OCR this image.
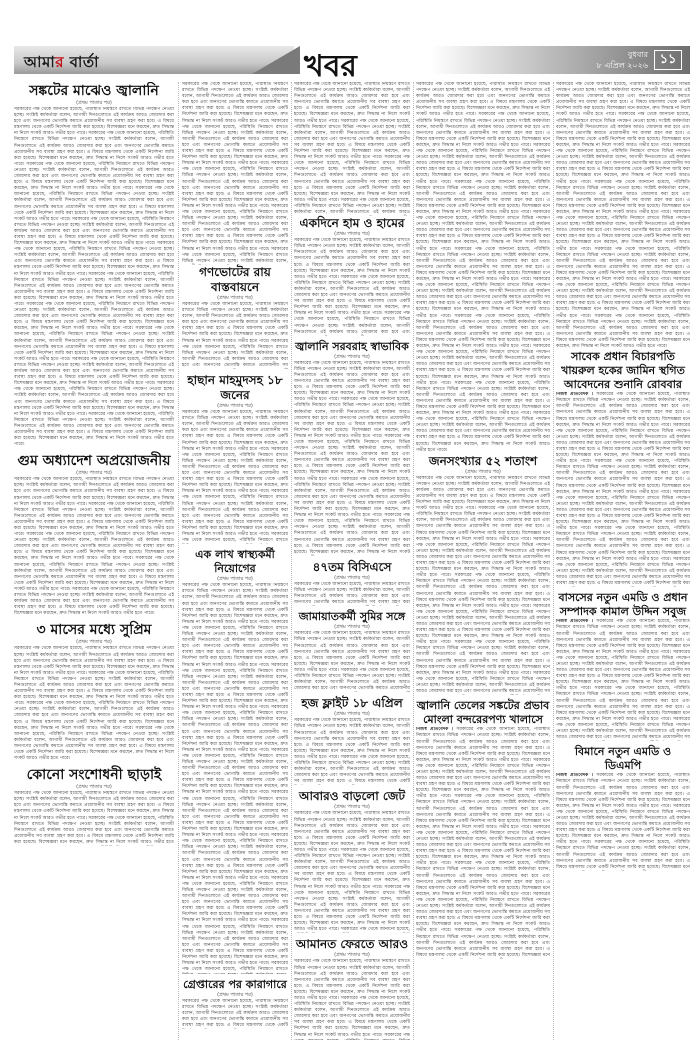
আমার বার্তা	খবর	বুধবার
৮ এপ্রিল ২০২৬ ১১
সঙ্কটের মাঝেও জ্বালানি
(প্রথম পাতার পর)
সরকারের পক্ষ থেকে জানানো হয়েছে, পরিস্থিতি নিয়ন্ত্রণে রাখতে বিভিন্ন পদক্ষেপ নেওয়া হচ্ছে। সংশ্লিষ্ট কর্মকর্তারা বলেন, আগামী দিনগুলোতে এই কার্যক্রম আরও জোরদার করা হবে এবং জনগণের ভোগান্তি কমাতে প্রয়োজনীয় সব ব্যবস্থা গ্রহণ করা হবে। এ বিষয়ে মন্ত্রণালয় থেকে একটি নির্দেশনা জারি করা হয়েছে। বিশেষজ্ঞরা মনে করছেন, দ্রুত সিদ্ধান্ত না নিলে সংকট আরও গভীর হতে পারে। সরকারের পক্ষ থেকে জানানো হয়েছে, পরিস্থিতি নিয়ন্ত্রণে রাখতে বিভিন্ন পদক্ষেপ নেওয়া হচ্ছে। সংশ্লিষ্ট কর্মকর্তারা বলেন, আগামী দিনগুলোতে এই কার্যক্রম আরও জোরদার করা হবে এবং জনগণের ভোগান্তি কমাতে প্রয়োজনীয় সব ব্যবস্থা গ্রহণ করা হবে। এ বিষয়ে মন্ত্রণালয় থেকে একটি নির্দেশনা জারি করা হয়েছে। বিশেষজ্ঞরা মনে করছেন, দ্রুত সিদ্ধান্ত না নিলে সংকট আরও গভীর হতে পারে। সরকারের পক্ষ থেকে জানানো হয়েছে, পরিস্থিতি নিয়ন্ত্রণে রাখতে বিভিন্ন পদক্ষেপ নেওয়া হচ্ছে। সংশ্লিষ্ট কর্মকর্তারা বলেন, আগামী দিনগুলোতে এই কার্যক্রম আরও জোরদার করা হবে এবং জনগণের ভোগান্তি কমাতে প্রয়োজনীয় সব ব্যবস্থা গ্রহণ করা হবে। এ বিষয়ে মন্ত্রণালয় থেকে একটি নির্দেশনা জারি করা হয়েছে। বিশেষজ্ঞরা মনে করছেন, দ্রুত সিদ্ধান্ত না নিলে সংকট আরও গভীর হতে পারে। সরকারের পক্ষ থেকে জানানো হয়েছে, পরিস্থিতি নিয়ন্ত্রণে রাখতে বিভিন্ন পদক্ষেপ নেওয়া হচ্ছে। সংশ্লিষ্ট কর্মকর্তারা বলেন, আগামী দিনগুলোতে এই কার্যক্রম আরও জোরদার করা হবে এবং জনগণের ভোগান্তি কমাতে প্রয়োজনীয় সব ব্যবস্থা গ্রহণ করা হবে। এ বিষয়ে মন্ত্রণালয় থেকে একটি নির্দেশনা জারি করা হয়েছে। বিশেষজ্ঞরা মনে করছেন, দ্রুত সিদ্ধান্ত না নিলে সংকট আরও গভীর হতে পারে। সরকারের পক্ষ থেকে জানানো হয়েছে, পরিস্থিতি নিয়ন্ত্রণে রাখতে বিভিন্ন পদক্ষেপ নেওয়া হচ্ছে। সংশ্লিষ্ট কর্মকর্তারা বলেন, আগামী দিনগুলোতে এই কার্যক্রম আরও জোরদার করা হবে এবং জনগণের ভোগান্তি কমাতে প্রয়োজনীয় সব ব্যবস্থা গ্রহণ করা হবে। এ বিষয়ে মন্ত্রণালয় থেকে একটি নির্দেশনা জারি করা হয়েছে। বিশেষজ্ঞরা মনে করছেন, দ্রুত সিদ্ধান্ত না নিলে সংকট আরও গভীর হতে পারে। সরকারের পক্ষ থেকে জানানো হয়েছে, পরিস্থিতি নিয়ন্ত্রণে রাখতে বিভিন্ন পদক্ষেপ নেওয়া হচ্ছে। সংশ্লিষ্ট কর্মকর্তারা বলেন, আগামী দিনগুলোতে এই কার্যক্রম আরও জোরদার করা হবে এবং জনগণের ভোগান্তি কমাতে প্রয়োজনীয় সব ব্যবস্থা গ্রহণ করা হবে। এ বিষয়ে মন্ত্রণালয় থেকে একটি নির্দেশনা জারি করা হয়েছে। বিশেষজ্ঞরা মনে করছেন, দ্রুত সিদ্ধান্ত না নিলে সংকট আরও গভীর হতে পারে। সরকারের পক্ষ থেকে জানানো হয়েছে, পরিস্থিতি নিয়ন্ত্রণে রাখতে বিভিন্ন পদক্ষেপ নেওয়া হচ্ছে। সংশ্লিষ্ট কর্মকর্তারা বলেন, আগামী দিনগুলোতে এই কার্যক্রম আরও জোরদার করা হবে এবং জনগণের ভোগান্তি কমাতে প্রয়োজনীয় সব ব্যবস্থা গ্রহণ করা হবে। এ বিষয়ে মন্ত্রণালয় থেকে একটি নির্দেশনা জারি করা হয়েছে। বিশেষজ্ঞরা মনে করছেন, দ্রুত সিদ্ধান্ত না নিলে সংকট আরও গভীর হতে পারে। সরকারের পক্ষ থেকে জানানো হয়েছে, পরিস্থিতি নিয়ন্ত্রণে রাখতে বিভিন্ন পদক্ষেপ নেওয়া হচ্ছে। সংশ্লিষ্ট কর্মকর্তারা বলেন, আগামী দিনগুলোতে এই কার্যক্রম আরও জোরদার করা হবে এবং জনগণের ভোগান্তি কমাতে প্রয়োজনীয় সব ব্যবস্থা গ্রহণ করা হবে। এ বিষয়ে মন্ত্রণালয় থেকে একটি নির্দেশনা জারি করা হয়েছে। বিশেষজ্ঞরা মনে করছেন, দ্রুত সিদ্ধান্ত না নিলে সংকট আরও গভীর হতে পারে। সরকারের পক্ষ থেকে জানানো হয়েছে, পরিস্থিতি নিয়ন্ত্রণে রাখতে বিভিন্ন পদক্ষেপ নেওয়া হচ্ছে। সংশ্লিষ্ট কর্মকর্তারা বলেন, আগামী দিনগুলোতে এই কার্যক্রম আরও জোরদার করা হবে এবং জনগণের ভোগান্তি কমাতে প্রয়োজনীয় সব ব্যবস্থা গ্রহণ করা হবে। এ বিষয়ে মন্ত্রণালয় থেকে একটি নির্দেশনা জারি করা হয়েছে। বিশেষজ্ঞরা মনে করছেন, দ্রুত সিদ্ধান্ত না নিলে সংকট আরও গভীর হতে পারে। সরকারের পক্ষ থেকে জানানো হয়েছে, পরিস্থিতি নিয়ন্ত্রণে রাখতে বিভিন্ন পদক্ষেপ নেওয়া হচ্ছে। সংশ্লিষ্ট কর্মকর্তারা বলেন, আগামী দিনগুলোতে এই কার্যক্রম আরও জোরদার করা হবে এবং জনগণের ভোগান্তি কমাতে প্রয়োজনীয় সব ব্যবস্থা গ্রহণ করা হবে। এ বিষয়ে মন্ত্রণালয় থেকে একটি নির্দেশনা জারি করা হয়েছে। বিশেষজ্ঞরা মনে করছেন, দ্রুত সিদ্ধান্ত না নিলে সংকট আরও গভীর হতে পারে। সরকারের পক্ষ থেকে জানানো হয়েছে, পরিস্থিতি নিয়ন্ত্রণে রাখতে বিভিন্ন পদক্ষেপ নেওয়া হচ্ছে। সংশ্লিষ্ট কর্মকর্তারা বলেন, আগামী দিনগুলোতে এই কার্যক্রম আরও জোরদার করা হবে এবং জনগণের ভোগান্তি কমাতে প্রয়োজনীয় সব ব্যবস্থা গ্রহণ করা হবে। এ বিষয়ে মন্ত্রণালয় থেকে একটি নির্দেশনা জারি করা হয়েছে। বিশেষজ্ঞরা মনে করছেন, দ্রুত সিদ্ধান্ত না নিলে সংকট আরও গভীর হতে পারে। সরকারের পক্ষ থেকে জানানো হয়েছে, পরিস্থিতি নিয়ন্ত্রণে রাখতে বিভিন্ন পদক্ষেপ নেওয়া হচ্ছে। সংশ্লিষ্ট কর্মকর্তারা বলেন, আগামী দিনগুলোতে এই কার্যক্রম আরও জোরদার করা হবে এবং জনগণের ভোগান্তি কমাতে প্রয়োজনীয় সব ব্যবস্থা গ্রহণ করা হবে। এ বিষয়ে মন্ত্রণালয় থেকে একটি নির্দেশনা জারি করা হয়েছে। বিশেষজ্ঞরা মনে করছেন, দ্রুত সিদ্ধান্ত না নিলে সংকট আরও গভীর হতে পারে।
গুম অধ্যাদেশ অপ্রয়োজনীয়
(প্রথম পাতার পর)
সরকারের পক্ষ থেকে জানানো হয়েছে, পরিস্থিতি নিয়ন্ত্রণে রাখতে বিভিন্ন পদক্ষেপ নেওয়া হচ্ছে। সংশ্লিষ্ট কর্মকর্তারা বলেন, আগামী দিনগুলোতে এই কার্যক্রম আরও জোরদার করা হবে এবং জনগণের ভোগান্তি কমাতে প্রয়োজনীয় সব ব্যবস্থা গ্রহণ করা হবে। এ বিষয়ে মন্ত্রণালয় থেকে একটি নির্দেশনা জারি করা হয়েছে। বিশেষজ্ঞরা মনে করছেন, দ্রুত সিদ্ধান্ত না নিলে সংকট আরও গভীর হতে পারে। সরকারের পক্ষ থেকে জানানো হয়েছে, পরিস্থিতি নিয়ন্ত্রণে রাখতে বিভিন্ন পদক্ষেপ নেওয়া হচ্ছে। সংশ্লিষ্ট কর্মকর্তারা বলেন, আগামী দিনগুলোতে এই কার্যক্রম আরও জোরদার করা হবে এবং জনগণের ভোগান্তি কমাতে প্রয়োজনীয় সব ব্যবস্থা গ্রহণ করা হবে। এ বিষয়ে মন্ত্রণালয় থেকে একটি নির্দেশনা জারি করা হয়েছে। বিশেষজ্ঞরা মনে করছেন, দ্রুত সিদ্ধান্ত না নিলে সংকট আরও গভীর হতে পারে। সরকারের পক্ষ থেকে জানানো হয়েছে, পরিস্থিতি নিয়ন্ত্রণে রাখতে বিভিন্ন পদক্ষেপ নেওয়া হচ্ছে। সংশ্লিষ্ট কর্মকর্তারা বলেন, আগামী দিনগুলোতে এই কার্যক্রম আরও জোরদার করা হবে এবং জনগণের ভোগান্তি কমাতে প্রয়োজনীয় সব ব্যবস্থা গ্রহণ করা হবে। এ বিষয়ে মন্ত্রণালয় থেকে একটি নির্দেশনা জারি করা হয়েছে। বিশেষজ্ঞরা মনে করছেন, দ্রুত সিদ্ধান্ত না নিলে সংকট আরও গভীর হতে পারে। সরকারের পক্ষ থেকে জানানো হয়েছে, পরিস্থিতি নিয়ন্ত্রণে রাখতে বিভিন্ন পদক্ষেপ নেওয়া হচ্ছে। সংশ্লিষ্ট কর্মকর্তারা বলেন, আগামী দিনগুলোতে এই কার্যক্রম আরও জোরদার করা হবে এবং জনগণের ভোগান্তি কমাতে প্রয়োজনীয় সব ব্যবস্থা গ্রহণ করা হবে। এ বিষয়ে মন্ত্রণালয় থেকে একটি নির্দেশনা জারি করা হয়েছে। বিশেষজ্ঞরা মনে করছেন, দ্রুত সিদ্ধান্ত না নিলে সংকট আরও গভীর হতে পারে। সরকারের পক্ষ থেকে জানানো হয়েছে, পরিস্থিতি নিয়ন্ত্রণে রাখতে বিভিন্ন পদক্ষেপ নেওয়া হচ্ছে। সংশ্লিষ্ট কর্মকর্তারা বলেন, আগামী দিনগুলোতে এই কার্যক্রম আরও জোরদার করা হবে এবং জনগণের ভোগান্তি কমাতে প্রয়োজনীয় সব ব্যবস্থা গ্রহণ করা হবে। এ বিষয়ে মন্ত্রণালয় থেকে একটি নির্দেশনা জারি করা হয়েছে। বিশেষজ্ঞরা মনে করছেন, দ্রুত সিদ্ধান্ত না নিলে সংকট আরও গভীর হতে পারে।
৩ মাসের মধ্যে সুপ্রিম
(প্রথম পাতার পর)
সরকারের পক্ষ থেকে জানানো হয়েছে, পরিস্থিতি নিয়ন্ত্রণে রাখতে বিভিন্ন পদক্ষেপ নেওয়া হচ্ছে। সংশ্লিষ্ট কর্মকর্তারা বলেন, আগামী দিনগুলোতে এই কার্যক্রম আরও জোরদার করা হবে এবং জনগণের ভোগান্তি কমাতে প্রয়োজনীয় সব ব্যবস্থা গ্রহণ করা হবে। এ বিষয়ে মন্ত্রণালয় থেকে একটি নির্দেশনা জারি করা হয়েছে। বিশেষজ্ঞরা মনে করছেন, দ্রুত সিদ্ধান্ত না নিলে সংকট আরও গভীর হতে পারে। সরকারের পক্ষ থেকে জানানো হয়েছে, পরিস্থিতি নিয়ন্ত্রণে রাখতে বিভিন্ন পদক্ষেপ নেওয়া হচ্ছে। সংশ্লিষ্ট কর্মকর্তারা বলেন, আগামী দিনগুলোতে এই কার্যক্রম আরও জোরদার করা হবে এবং জনগণের ভোগান্তি কমাতে প্রয়োজনীয় সব ব্যবস্থা গ্রহণ করা হবে। এ বিষয়ে মন্ত্রণালয় থেকে একটি নির্দেশনা জারি করা হয়েছে। বিশেষজ্ঞরা মনে করছেন, দ্রুত সিদ্ধান্ত না নিলে সংকট আরও গভীর হতে পারে। সরকারের পক্ষ থেকে জানানো হয়েছে, পরিস্থিতি নিয়ন্ত্রণে রাখতে বিভিন্ন পদক্ষেপ নেওয়া হচ্ছে। সংশ্লিষ্ট কর্মকর্তারা বলেন, আগামী দিনগুলোতে এই কার্যক্রম আরও জোরদার করা হবে এবং জনগণের ভোগান্তি কমাতে প্রয়োজনীয় সব ব্যবস্থা গ্রহণ করা হবে। এ বিষয়ে মন্ত্রণালয় থেকে একটি নির্দেশনা জারি করা হয়েছে। বিশেষজ্ঞরা মনে করছেন, দ্রুত সিদ্ধান্ত না নিলে সংকট আরও গভীর হতে পারে। সরকারের পক্ষ থেকে জানানো হয়েছে, পরিস্থিতি নিয়ন্ত্রণে রাখতে বিভিন্ন পদক্ষেপ নেওয়া হচ্ছে। সংশ্লিষ্ট কর্মকর্তারা বলেন, আগামী দিনগুলোতে এই কার্যক্রম আরও জোরদার করা হবে এবং জনগণের ভোগান্তি কমাতে প্রয়োজনীয় সব ব্যবস্থা গ্রহণ করা হবে। এ বিষয়ে মন্ত্রণালয় থেকে একটি নির্দেশনা জারি করা হয়েছে। বিশেষজ্ঞরা মনে করছেন, দ্রুত সিদ্ধান্ত না নিলে সংকট আরও গভীর হতে পারে।
কোনো সংশোধনী ছাড়াই
(প্রথম পাতার পর)
সরকারের পক্ষ থেকে জানানো হয়েছে, পরিস্থিতি নিয়ন্ত্রণে রাখতে বিভিন্ন পদক্ষেপ নেওয়া হচ্ছে। সংশ্লিষ্ট কর্মকর্তারা বলেন, আগামী দিনগুলোতে এই কার্যক্রম আরও জোরদার করা হবে এবং জনগণের ভোগান্তি কমাতে প্রয়োজনীয় সব ব্যবস্থা গ্রহণ করা হবে। এ বিষয়ে মন্ত্রণালয় থেকে একটি নির্দেশনা জারি করা হয়েছে। বিশেষজ্ঞরা মনে করছেন, দ্রুত সিদ্ধান্ত না নিলে সংকট আরও গভীর হতে পারে। সরকারের পক্ষ থেকে জানানো হয়েছে, পরিস্থিতি নিয়ন্ত্রণে রাখতে বিভিন্ন পদক্ষেপ নেওয়া হচ্ছে। সংশ্লিষ্ট কর্মকর্তারা বলেন, আগামী দিনগুলোতে এই কার্যক্রম আরও জোরদার করা হবে এবং জনগণের ভোগান্তি কমাতে প্রয়োজনীয় সব ব্যবস্থা গ্রহণ করা হবে। এ বিষয়ে মন্ত্রণালয় থেকে একটি নির্দেশনা জারি করা হয়েছে। বিশেষজ্ঞরা মনে করছেন, দ্রুত সিদ্ধান্ত না নিলে সংকট আরও গভীর হতে
সরকারের পক্ষ থেকে জানানো হয়েছে, পরিস্থিতি নিয়ন্ত্রণে রাখতে বিভিন্ন পদক্ষেপ নেওয়া হচ্ছে। সংশ্লিষ্ট কর্মকর্তারা বলেন, আগামী দিনগুলোতে এই কার্যক্রম আরও জোরদার করা হবে এবং জনগণের ভোগান্তি কমাতে প্রয়োজনীয় সব ব্যবস্থা গ্রহণ করা হবে। এ বিষয়ে মন্ত্রণালয় থেকে একটি নির্দেশনা জারি করা হয়েছে। বিশেষজ্ঞরা মনে করছেন, দ্রুত সিদ্ধান্ত না নিলে সংকট আরও গভীর হতে পারে। সরকারের পক্ষ থেকে জানানো হয়েছে, পরিস্থিতি নিয়ন্ত্রণে রাখতে বিভিন্ন পদক্ষেপ নেওয়া হচ্ছে। সংশ্লিষ্ট কর্মকর্তারা বলেন, আগামী দিনগুলোতে এই কার্যক্রম আরও জোরদার করা হবে এবং জনগণের ভোগান্তি কমাতে প্রয়োজনীয় সব ব্যবস্থা গ্রহণ করা হবে। এ বিষয়ে মন্ত্রণালয় থেকে একটি নির্দেশনা জারি করা হয়েছে। বিশেষজ্ঞরা মনে করছেন, দ্রুত সিদ্ধান্ত না নিলে সংকট আরও গভীর হতে পারে। সরকারের পক্ষ থেকে জানানো হয়েছে, পরিস্থিতি নিয়ন্ত্রণে রাখতে বিভিন্ন পদক্ষেপ নেওয়া হচ্ছে। সংশ্লিষ্ট কর্মকর্তারা বলেন, আগামী দিনগুলোতে এই কার্যক্রম আরও জোরদার করা হবে এবং জনগণের ভোগান্তি কমাতে প্রয়োজনীয় সব ব্যবস্থা গ্রহণ করা হবে। এ বিষয়ে মন্ত্রণালয় থেকে একটি নির্দেশনা জারি করা হয়েছে। বিশেষজ্ঞরা মনে করছেন, দ্রুত সিদ্ধান্ত না নিলে সংকট আরও গভীর হতে পারে। সরকারের পক্ষ থেকে জানানো হয়েছে, পরিস্থিতি নিয়ন্ত্রণে রাখতে বিভিন্ন পদক্ষেপ নেওয়া হচ্ছে। সংশ্লিষ্ট কর্মকর্তারা বলেন, আগামী দিনগুলোতে এই কার্যক্রম আরও জোরদার করা হবে এবং জনগণের ভোগান্তি কমাতে প্রয়োজনীয় সব ব্যবস্থা গ্রহণ করা হবে। এ বিষয়ে মন্ত্রণালয় থেকে একটি নির্দেশনা জারি করা হয়েছে। বিশেষজ্ঞরা মনে করছেন, দ্রুত সিদ্ধান্ত না নিলে সংকট আরও গভীর হতে পারে। সরকারের পক্ষ থেকে জানানো হয়েছে, পরিস্থিতি নিয়ন্ত্রণে রাখতে বিভিন্ন পদক্ষেপ নেওয়া হচ্ছে। সংশ্লিষ্ট কর্মকর্তারা বলেন,
গণভোটের রায় বাস্তবায়নে
(প্রথম পাতার পর)
সরকারের পক্ষ থেকে জানানো হয়েছে, পরিস্থিতি নিয়ন্ত্রণে রাখতে বিভিন্ন পদক্ষেপ নেওয়া হচ্ছে। সংশ্লিষ্ট কর্মকর্তারা বলেন, আগামী দিনগুলোতে এই কার্যক্রম আরও জোরদার করা হবে এবং জনগণের ভোগান্তি কমাতে প্রয়োজনীয় সব ব্যবস্থা গ্রহণ করা হবে। এ বিষয়ে মন্ত্রণালয় থেকে একটি নির্দেশনা জারি করা হয়েছে। বিশেষজ্ঞরা মনে করছেন, দ্রুত সিদ্ধান্ত না নিলে সংকট আরও গভীর হতে পারে। সরকারের পক্ষ থেকে জানানো হয়েছে, পরিস্থিতি নিয়ন্ত্রণে রাখতে বিভিন্ন পদক্ষেপ নেওয়া হচ্ছে। সংশ্লিষ্ট কর্মকর্তারা বলেন, আগামী দিনগুলোতে এই কার্যক্রম আরও জোরদার করা হবে এবং জনগণের ভোগান্তি কমাতে প্রয়োজনীয় সব
হাছান মাহমুদসহ ১৮ জনের
(প্রথম পাতার পর)
সরকারের পক্ষ থেকে জানানো হয়েছে, পরিস্থিতি নিয়ন্ত্রণে রাখতে বিভিন্ন পদক্ষেপ নেওয়া হচ্ছে। সংশ্লিষ্ট কর্মকর্তারা বলেন, আগামী দিনগুলোতে এই কার্যক্রম আরও জোরদার করা হবে এবং জনগণের ভোগান্তি কমাতে প্রয়োজনীয় সব ব্যবস্থা গ্রহণ করা হবে। এ বিষয়ে মন্ত্রণালয় থেকে একটি নির্দেশনা জারি করা হয়েছে। বিশেষজ্ঞরা মনে করছেন, দ্রুত সিদ্ধান্ত না নিলে সংকট আরও গভীর হতে পারে। সরকারের পক্ষ থেকে জানানো হয়েছে, পরিস্থিতি নিয়ন্ত্রণে রাখতে বিভিন্ন পদক্ষেপ নেওয়া হচ্ছে। সংশ্লিষ্ট কর্মকর্তারা বলেন, আগামী দিনগুলোতে এই কার্যক্রম আরও জোরদার করা হবে এবং জনগণের ভোগান্তি কমাতে প্রয়োজনীয় সব ব্যবস্থা গ্রহণ করা হবে। এ বিষয়ে মন্ত্রণালয় থেকে একটি নির্দেশনা জারি করা হয়েছে। বিশেষজ্ঞরা মনে করছেন, দ্রুত সিদ্ধান্ত না নিলে সংকট আরও গভীর হতে পারে। সরকারের পক্ষ থেকে জানানো হয়েছে, পরিস্থিতি নিয়ন্ত্রণে রাখতে বিভিন্ন পদক্ষেপ নেওয়া হচ্ছে। সংশ্লিষ্ট কর্মকর্তারা বলেন, আগামী দিনগুলোতে এই কার্যক্রম আরও জোরদার করা হবে এবং জনগণের ভোগান্তি কমাতে প্রয়োজনীয় সব ব্যবস্থা গ্রহণ করা হবে। এ বিষয়ে মন্ত্রণালয় থেকে একটি নির্দেশনা জারি করা হয়েছে। বিশেষজ্ঞরা মনে করছেন, দ্রুত সিদ্ধান্ত না নিলে সংকট আরও গভীর হতে পারে। সরকারের পক্ষ থেকে জানানো হয়েছে, পরিস্থিতি নিয়ন্ত্রণে রাখতে
এক লাখ স্বাস্থ্যকর্মী নিয়োগের
(প্রথম পাতার পর)
সরকারের পক্ষ থেকে জানানো হয়েছে, পরিস্থিতি নিয়ন্ত্রণে রাখতে বিভিন্ন পদক্ষেপ নেওয়া হচ্ছে। সংশ্লিষ্ট কর্মকর্তারা বলেন, আগামী দিনগুলোতে এই কার্যক্রম আরও জোরদার করা হবে এবং জনগণের ভোগান্তি কমাতে প্রয়োজনীয় সব ব্যবস্থা গ্রহণ করা হবে। এ বিষয়ে মন্ত্রণালয় থেকে একটি নির্দেশনা জারি করা হয়েছে। বিশেষজ্ঞরা মনে করছেন, দ্রুত সিদ্ধান্ত না নিলে সংকট আরও গভীর হতে পারে। সরকারের পক্ষ থেকে জানানো হয়েছে, পরিস্থিতি নিয়ন্ত্রণে রাখতে বিভিন্ন পদক্ষেপ নেওয়া হচ্ছে। সংশ্লিষ্ট কর্মকর্তারা বলেন, আগামী দিনগুলোতে এই কার্যক্রম আরও জোরদার করা হবে এবং জনগণের ভোগান্তি কমাতে প্রয়োজনীয় সব ব্যবস্থা গ্রহণ করা হবে। এ বিষয়ে মন্ত্রণালয় থেকে একটি নির্দেশনা জারি করা হয়েছে। বিশেষজ্ঞরা মনে করছেন, দ্রুত সিদ্ধান্ত না নিলে সংকট আরও গভীর হতে পারে। সরকারের পক্ষ থেকে জানানো হয়েছে, পরিস্থিতি নিয়ন্ত্রণে রাখতে বিভিন্ন পদক্ষেপ নেওয়া হচ্ছে। সংশ্লিষ্ট কর্মকর্তারা বলেন, আগামী দিনগুলোতে এই কার্যক্রম আরও জোরদার করা হবে এবং জনগণের ভোগান্তি কমাতে প্রয়োজনীয় সব ব্যবস্থা গ্রহণ করা হবে। এ বিষয়ে মন্ত্রণালয় থেকে একটি নির্দেশনা জারি করা হয়েছে। বিশেষজ্ঞরা মনে করছেন, দ্রুত সিদ্ধান্ত না নিলে সংকট আরও গভীর হতে পারে। সরকারের পক্ষ থেকে জানানো হয়েছে, পরিস্থিতি নিয়ন্ত্রণে রাখতে বিভিন্ন পদক্ষেপ নেওয়া হচ্ছে। সংশ্লিষ্ট কর্মকর্তারা বলেন, আগামী দিনগুলোতে এই কার্যক্রম আরও জোরদার করা হবে এবং জনগণের ভোগান্তি কমাতে প্রয়োজনীয় সব ব্যবস্থা গ্রহণ করা হবে। এ বিষয়ে মন্ত্রণালয় থেকে একটি নির্দেশনা জারি করা হয়েছে। বিশেষজ্ঞরা মনে করছেন, দ্রুত সিদ্ধান্ত না নিলে সংকট আরও গভীর হতে পারে। সরকারের পক্ষ থেকে জানানো হয়েছে, পরিস্থিতি নিয়ন্ত্রণে রাখতে বিভিন্ন পদক্ষেপ নেওয়া হচ্ছে। সংশ্লিষ্ট কর্মকর্তারা বলেন, আগামী দিনগুলোতে এই কার্যক্রম আরও জোরদার করা হবে এবং জনগণের ভোগান্তি কমাতে প্রয়োজনীয় সব ব্যবস্থা গ্রহণ করা হবে। এ বিষয়ে মন্ত্রণালয় থেকে একটি নির্দেশনা জারি করা হয়েছে। বিশেষজ্ঞরা মনে করছেন, দ্রুত সিদ্ধান্ত না নিলে সংকট আরও গভীর হতে পারে। সরকারের পক্ষ থেকে জানানো হয়েছে, পরিস্থিতি নিয়ন্ত্রণে রাখতে বিভিন্ন পদক্ষেপ নেওয়া হচ্ছে। সংশ্লিষ্ট কর্মকর্তারা বলেন, আগামী দিনগুলোতে এই কার্যক্রম আরও জোরদার করা হবে এবং জনগণের ভোগান্তি কমাতে প্রয়োজনীয় সব ব্যবস্থা গ্রহণ করা হবে। এ বিষয়ে মন্ত্রণালয় থেকে একটি নির্দেশনা জারি করা হয়েছে। বিশেষজ্ঞরা মনে করছেন, দ্রুত সিদ্ধান্ত না নিলে সংকট আরও গভীর হতে পারে। সরকারের পক্ষ থেকে জানানো হয়েছে, পরিস্থিতি নিয়ন্ত্রণে রাখতে বিভিন্ন পদক্ষেপ নেওয়া হচ্ছে। সংশ্লিষ্ট কর্মকর্তারা বলেন, আগামী দিনগুলোতে এই কার্যক্রম আরও জোরদার করা হবে এবং জনগণের ভোগান্তি কমাতে প্রয়োজনীয় সব ব্যবস্থা গ্রহণ করা হবে। এ বিষয়ে মন্ত্রণালয় থেকে একটি নির্দেশনা জারি করা হয়েছে। বিশেষজ্ঞরা মনে করছেন, দ্রুত সিদ্ধান্ত না নিলে সংকট আরও গভীর হতে পারে। সরকারের পক্ষ থেকে জানানো হয়েছে, পরিস্থিতি নিয়ন্ত্রণে রাখতে বিভিন্ন পদক্ষেপ নেওয়া হচ্ছে। সংশ্লিষ্ট কর্মকর্তারা বলেন, আগামী দিনগুলোতে এই কার্যক্রম আরও জোরদার করা হবে এবং জনগণের ভোগান্তি কমাতে প্রয়োজনীয় সব ব্যবস্থা গ্রহণ করা হবে। এ বিষয়ে মন্ত্রণালয় থেকে একটি নির্দেশনা জারি করা হয়েছে। বিশেষজ্ঞরা মনে করছেন, দ্রুত সিদ্ধান্ত না নিলে সংকট আরও গভীর হতে পারে। সরকারের পক্ষ থেকে জানানো হয়েছে, পরিস্থিতি নিয়ন্ত্রণে রাখতে বিভিন্ন পদক্ষেপ নেওয়া হচ্ছে। সংশ্লিষ্ট কর্মকর্তারা বলেন, আগামী দিনগুলোতে এই কার্যক্রম আরও জোরদার করা হবে এবং জনগণের ভোগান্তি কমাতে প্রয়োজনীয় সব ব্যবস্থা গ্রহণ করা হবে। এ বিষয়ে মন্ত্রণালয় থেকে একটি নির্দেশনা জারি করা হয়েছে। বিশেষজ্ঞরা মনে করছেন, দ্রুত সিদ্ধান্ত না নিলে সংকট আরও গভীর হতে পারে। সরকারের পক্ষ থেকে জানানো হয়েছে, পরিস্থিতি নিয়ন্ত্রণে রাখতে
গ্রেপ্তারের পর কারাগারে
(প্রথম পাতার পর)
সরকারের পক্ষ থেকে জানানো হয়েছে, পরিস্থিতি নিয়ন্ত্রণে রাখতে বিভিন্ন পদক্ষেপ নেওয়া হচ্ছে। সংশ্লিষ্ট কর্মকর্তারা বলেন, আগামী দিনগুলোতে এই কার্যক্রম আরও জোরদার করা হবে এবং জনগণের ভোগান্তি কমাতে প্রয়োজনীয় সব ব্যবস্থা গ্রহণ করা হবে। এ বিষয়ে মন্ত্রণালয় থেকে একটি
সরকারের পক্ষ থেকে জানানো হয়েছে, পরিস্থিতি নিয়ন্ত্রণে রাখতে বিভিন্ন পদক্ষেপ নেওয়া হচ্ছে। সংশ্লিষ্ট কর্মকর্তারা বলেন, আগামী দিনগুলোতে এই কার্যক্রম আরও জোরদার করা হবে এবং জনগণের ভোগান্তি কমাতে প্রয়োজনীয় সব ব্যবস্থা গ্রহণ করা হবে। এ বিষয়ে মন্ত্রণালয় থেকে একটি নির্দেশনা জারি করা হয়েছে। বিশেষজ্ঞরা মনে করছেন, দ্রুত সিদ্ধান্ত না নিলে সংকট আরও গভীর হতে পারে। সরকারের পক্ষ থেকে জানানো হয়েছে, পরিস্থিতি নিয়ন্ত্রণে রাখতে বিভিন্ন পদক্ষেপ নেওয়া হচ্ছে। সংশ্লিষ্ট কর্মকর্তারা বলেন, আগামী দিনগুলোতে এই কার্যক্রম আরও জোরদার করা হবে এবং জনগণের ভোগান্তি কমাতে প্রয়োজনীয় সব ব্যবস্থা গ্রহণ করা হবে। এ বিষয়ে মন্ত্রণালয় থেকে একটি নির্দেশনা জারি করা হয়েছে। বিশেষজ্ঞরা মনে করছেন, দ্রুত সিদ্ধান্ত না নিলে সংকট আরও গভীর হতে পারে। সরকারের পক্ষ থেকে জানানো হয়েছে, পরিস্থিতি নিয়ন্ত্রণে রাখতে বিভিন্ন পদক্ষেপ নেওয়া হচ্ছে। সংশ্লিষ্ট কর্মকর্তারা বলেন, আগামী দিনগুলোতে এই কার্যক্রম আরও জোরদার করা হবে এবং জনগণের ভোগান্তি কমাতে প্রয়োজনীয় সব ব্যবস্থা গ্রহণ করা হবে। এ বিষয়ে মন্ত্রণালয় থেকে একটি নির্দেশনা জারি করা হয়েছে। বিশেষজ্ঞরা মনে করছেন, দ্রুত সিদ্ধান্ত না নিলে সংকট আরও গভীর হতে পারে। সরকারের পক্ষ থেকে জানানো হয়েছে, পরিস্থিতি নিয়ন্ত্রণে রাখতে বিভিন্ন পদক্ষেপ নেওয়া হচ্ছে। সংশ্লিষ্ট কর্মকর্তারা বলেন, আগামী দিনগুলোতে এই কার্যক্রম আরও
একদিনে হাম ও হামের
(প্রথম পাতার পর)
সরকারের পক্ষ থেকে জানানো হয়েছে, পরিস্থিতি নিয়ন্ত্রণে রাখতে বিভিন্ন পদক্ষেপ নেওয়া হচ্ছে। সংশ্লিষ্ট কর্মকর্তারা বলেন, আগামী দিনগুলোতে এই কার্যক্রম আরও জোরদার করা হবে এবং জনগণের ভোগান্তি কমাতে প্রয়োজনীয় সব ব্যবস্থা গ্রহণ করা হবে। এ বিষয়ে মন্ত্রণালয় থেকে একটি নির্দেশনা জারি করা হয়েছে। বিশেষজ্ঞরা মনে করছেন, দ্রুত সিদ্ধান্ত না নিলে সংকট আরও গভীর হতে পারে। সরকারের পক্ষ থেকে জানানো হয়েছে, পরিস্থিতি নিয়ন্ত্রণে রাখতে বিভিন্ন পদক্ষেপ নেওয়া হচ্ছে। সংশ্লিষ্ট কর্মকর্তারা বলেন, আগামী দিনগুলোতে এই কার্যক্রম আরও জোরদার করা হবে এবং জনগণের ভোগান্তি কমাতে প্রয়োজনীয় সব ব্যবস্থা গ্রহণ করা হবে। এ বিষয়ে মন্ত্রণালয় থেকে একটি নির্দেশনা জারি করা হয়েছে। বিশেষজ্ঞরা মনে করছেন, দ্রুত সিদ্ধান্ত না নিলে সংকট আরও গভীর হতে পারে। সরকারের পক্ষ থেকে জানানো হয়েছে, পরিস্থিতি নিয়ন্ত্রণে রাখতে বিভিন্ন পদক্ষেপ নেওয়া হচ্ছে। সংশ্লিষ্ট কর্মকর্তারা বলেন, আগামী দিনগুলোতে এই কার্যক্রম আরও জোরদার করা হবে এবং
জ্বালানি সরবরাহ স্বাভাবিক
(প্রথম পাতার পর)
সরকারের পক্ষ থেকে জানানো হয়েছে, পরিস্থিতি নিয়ন্ত্রণে রাখতে বিভিন্ন পদক্ষেপ নেওয়া হচ্ছে। সংশ্লিষ্ট কর্মকর্তারা বলেন, আগামী দিনগুলোতে এই কার্যক্রম আরও জোরদার করা হবে এবং জনগণের ভোগান্তি কমাতে প্রয়োজনীয় সব ব্যবস্থা গ্রহণ করা হবে। এ বিষয়ে মন্ত্রণালয় থেকে একটি নির্দেশনা জারি করা হয়েছে। বিশেষজ্ঞরা মনে করছেন, দ্রুত সিদ্ধান্ত না নিলে সংকট আরও গভীর হতে পারে। সরকারের পক্ষ থেকে জানানো হয়েছে, পরিস্থিতি নিয়ন্ত্রণে রাখতে বিভিন্ন পদক্ষেপ নেওয়া হচ্ছে। সংশ্লিষ্ট কর্মকর্তারা বলেন, আগামী দিনগুলোতে এই কার্যক্রম আরও জোরদার করা হবে এবং জনগণের ভোগান্তি কমাতে প্রয়োজনীয় সব ব্যবস্থা গ্রহণ করা হবে। এ বিষয়ে মন্ত্রণালয় থেকে একটি নির্দেশনা জারি করা হয়েছে। বিশেষজ্ঞরা মনে করছেন, দ্রুত সিদ্ধান্ত না নিলে সংকট আরও গভীর হতে পারে। সরকারের পক্ষ থেকে জানানো হয়েছে, পরিস্থিতি নিয়ন্ত্রণে রাখতে বিভিন্ন পদক্ষেপ নেওয়া হচ্ছে। সংশ্লিষ্ট কর্মকর্তারা বলেন, আগামী দিনগুলোতে এই কার্যক্রম আরও জোরদার করা হবে এবং জনগণের ভোগান্তি কমাতে প্রয়োজনীয় সব ব্যবস্থা গ্রহণ করা হবে। এ বিষয়ে মন্ত্রণালয় থেকে একটি নির্দেশনা জারি করা হয়েছে। বিশেষজ্ঞরা মনে করছেন, দ্রুত সিদ্ধান্ত না নিলে সংকট আরও গভীর হতে পারে। সরকারের পক্ষ থেকে জানানো হয়েছে, পরিস্থিতি নিয়ন্ত্রণে রাখতে বিভিন্ন পদক্ষেপ নেওয়া হচ্ছে। সংশ্লিষ্ট কর্মকর্তারা বলেন, আগামী দিনগুলোতে এই কার্যক্রম আরও জোরদার করা হবে এবং জনগণের ভোগান্তি কমাতে প্রয়োজনীয় সব ব্যবস্থা গ্রহণ করা হবে। এ বিষয়ে মন্ত্রণালয় থেকে একটি নির্দেশনা জারি করা হয়েছে। বিশেষজ্ঞরা মনে করছেন, দ্রুত সিদ্ধান্ত না নিলে সংকট আরও গভীর হতে পারে। সরকারের পক্ষ থেকে জানানো হয়েছে, পরিস্থিতি নিয়ন্ত্রণে রাখতে বিভিন্ন পদক্ষেপ নেওয়া হচ্ছে। সংশ্লিষ্ট কর্মকর্তারা বলেন, আগামী দিনগুলোতে এই কার্যক্রম আরও জোরদার করা হবে এবং জনগণের ভোগান্তি কমাতে প্রয়োজনীয় সব ব্যবস্থা গ্রহণ করা হবে। এ বিষয়ে মন্ত্রণালয় থেকে একটি নির্দেশনা জারি করা হয়েছে। বিশেষজ্ঞরা মনে করছেন, দ্রুত সিদ্ধান্ত না নিলে সংকট
৪৭তম বিসিএসে
(প্রথম পাতার পর)
সরকারের পক্ষ থেকে জানানো হয়েছে, পরিস্থিতি নিয়ন্ত্রণে রাখতে বিভিন্ন পদক্ষেপ নেওয়া হচ্ছে। সংশ্লিষ্ট কর্মকর্তারা বলেন, আগামী দিনগুলোতে এই কার্যক্রম আরও জোরদার করা হবে এবং জনগণের ভোগান্তি কমাতে প্রয়োজনীয় সব ব্যবস্থা গ্রহণ করা
জামায়াতকর্মী সুমির সঙ্গে
(প্রথম পাতার পর)
সরকারের পক্ষ থেকে জানানো হয়েছে, পরিস্থিতি নিয়ন্ত্রণে রাখতে বিভিন্ন পদক্ষেপ নেওয়া হচ্ছে। সংশ্লিষ্ট কর্মকর্তারা বলেন, আগামী দিনগুলোতে এই কার্যক্রম আরও জোরদার করা হবে এবং জনগণের ভোগান্তি কমাতে প্রয়োজনীয় সব ব্যবস্থা গ্রহণ করা হবে। এ বিষয়ে মন্ত্রণালয় থেকে একটি নির্দেশনা জারি করা হয়েছে। বিশেষজ্ঞরা মনে করছেন, দ্রুত সিদ্ধান্ত না নিলে সংকট আরও গভীর হতে পারে। সরকারের পক্ষ থেকে জানানো হয়েছে, পরিস্থিতি নিয়ন্ত্রণে রাখতে বিভিন্ন পদক্ষেপ নেওয়া হচ্ছে। সংশ্লিষ্ট কর্মকর্তারা বলেন, আগামী দিনগুলোতে এই কার্যক্রম আরও জোরদার করা হবে এবং জনগণের ভোগান্তি কমাতে প্রয়োজনীয়
হজ ফ্লাইট ১৮ এপ্রিল
(প্রথম পাতার পর)
সরকারের পক্ষ থেকে জানানো হয়েছে, পরিস্থিতি নিয়ন্ত্রণে রাখতে বিভিন্ন পদক্ষেপ নেওয়া হচ্ছে। সংশ্লিষ্ট কর্মকর্তারা বলেন, আগামী দিনগুলোতে এই কার্যক্রম আরও জোরদার করা হবে এবং জনগণের ভোগান্তি কমাতে প্রয়োজনীয় সব ব্যবস্থা গ্রহণ করা হবে। এ বিষয়ে মন্ত্রণালয় থেকে একটি নির্দেশনা জারি করা হয়েছে। বিশেষজ্ঞরা মনে করছেন, দ্রুত সিদ্ধান্ত না নিলে সংকট আরও গভীর হতে পারে। সরকারের পক্ষ থেকে জানানো হয়েছে, পরিস্থিতি নিয়ন্ত্রণে রাখতে বিভিন্ন পদক্ষেপ নেওয়া হচ্ছে। সংশ্লিষ্ট কর্মকর্তারা বলেন, আগামী দিনগুলোতে এই কার্যক্রম আরও জোরদার করা হবে এবং জনগণের ভোগান্তি কমাতে প্রয়োজনীয় সব ব্যবস্থা গ্রহণ করা হবে। এ বিষয়ে মন্ত্রণালয় থেকে একটি
আবারও বাড়লো জেট
(প্রথম পাতার পর)
সরকারের পক্ষ থেকে জানানো হয়েছে, পরিস্থিতি নিয়ন্ত্রণে রাখতে বিভিন্ন পদক্ষেপ নেওয়া হচ্ছে। সংশ্লিষ্ট কর্মকর্তারা বলেন, আগামী দিনগুলোতে এই কার্যক্রম আরও জোরদার করা হবে এবং জনগণের ভোগান্তি কমাতে প্রয়োজনীয় সব ব্যবস্থা গ্রহণ করা হবে। এ বিষয়ে মন্ত্রণালয় থেকে একটি নির্দেশনা জারি করা হয়েছে। বিশেষজ্ঞরা মনে করছেন, দ্রুত সিদ্ধান্ত না নিলে সংকট আরও গভীর হতে পারে। সরকারের পক্ষ থেকে জানানো হয়েছে, পরিস্থিতি নিয়ন্ত্রণে রাখতে বিভিন্ন পদক্ষেপ নেওয়া হচ্ছে। সংশ্লিষ্ট কর্মকর্তারা বলেন, আগামী দিনগুলোতে এই কার্যক্রম আরও জোরদার করা হবে এবং জনগণের ভোগান্তি কমাতে প্রয়োজনীয় সব ব্যবস্থা গ্রহণ করা হবে। এ বিষয়ে মন্ত্রণালয় থেকে একটি নির্দেশনা জারি করা হয়েছে। বিশেষজ্ঞরা মনে করছেন, দ্রুত সিদ্ধান্ত না নিলে সংকট আরও গভীর হতে পারে। সরকারের পক্ষ থেকে জানানো হয়েছে, পরিস্থিতি নিয়ন্ত্রণে রাখতে বিভিন্ন পদক্ষেপ নেওয়া হচ্ছে। সংশ্লিষ্ট কর্মকর্তারা বলেন, আগামী দিনগুলোতে এই কার্যক্রম আরও জোরদার করা হবে এবং জনগণের ভোগান্তি কমাতে প্রয়োজনীয় সব ব্যবস্থা গ্রহণ করা হবে। এ বিষয়ে মন্ত্রণালয় থেকে একটি নির্দেশনা জারি করা হয়েছে। বিশেষজ্ঞরা মনে করছেন, দ্রুত সিদ্ধান্ত না নিলে সংকট আরও গভীর হতে পারে। সরকারের পক্ষ থেকে জানানো হয়েছে,
আমানত ফেরতে আরও
(প্রথম পাতার পর)
সরকারের পক্ষ থেকে জানানো হয়েছে, পরিস্থিতি নিয়ন্ত্রণে রাখতে বিভিন্ন পদক্ষেপ নেওয়া হচ্ছে। সংশ্লিষ্ট কর্মকর্তারা বলেন, আগামী দিনগুলোতে এই কার্যক্রম আরও জোরদার করা হবে এবং জনগণের ভোগান্তি কমাতে প্রয়োজনীয় সব ব্যবস্থা গ্রহণ করা হবে। এ বিষয়ে মন্ত্রণালয় থেকে একটি নির্দেশনা জারি করা হয়েছে। বিশেষজ্ঞরা মনে করছেন, দ্রুত সিদ্ধান্ত না নিলে সংকট আরও গভীর হতে পারে। সরকারের পক্ষ থেকে জানানো হয়েছে, পরিস্থিতি নিয়ন্ত্রণে রাখতে বিভিন্ন পদক্ষেপ নেওয়া হচ্ছে। সংশ্লিষ্ট কর্মকর্তারা বলেন, আগামী দিনগুলোতে এই কার্যক্রম আরও জোরদার করা হবে এবং জনগণের ভোগান্তি কমাতে প্রয়োজনীয় সব ব্যবস্থা গ্রহণ করা হবে। এ বিষয়ে মন্ত্রণালয় থেকে একটি নির্দেশনা জারি করা হয়েছে। বিশেষজ্ঞরা মনে করছেন, দ্রুত সিদ্ধান্ত না নিলে সংকট আরও গভীর হতে পারে। সরকারের পক্ষ
সরকারের পক্ষ থেকে জানানো হয়েছে, পরিস্থিতি নিয়ন্ত্রণে রাখতে বিভিন্ন পদক্ষেপ নেওয়া হচ্ছে। সংশ্লিষ্ট কর্মকর্তারা বলেন, আগামী দিনগুলোতে এই কার্যক্রম আরও জোরদার করা হবে এবং জনগণের ভোগান্তি কমাতে প্রয়োজনীয় সব ব্যবস্থা গ্রহণ করা হবে। এ বিষয়ে মন্ত্রণালয় থেকে একটি নির্দেশনা জারি করা হয়েছে। বিশেষজ্ঞরা মনে করছেন, দ্রুত সিদ্ধান্ত না নিলে সংকট আরও গভীর হতে পারে। সরকারের পক্ষ থেকে জানানো হয়েছে, পরিস্থিতি নিয়ন্ত্রণে রাখতে বিভিন্ন পদক্ষেপ নেওয়া হচ্ছে। সংশ্লিষ্ট কর্মকর্তারা বলেন, আগামী দিনগুলোতে এই কার্যক্রম আরও জোরদার করা হবে এবং জনগণের ভোগান্তি কমাতে প্রয়োজনীয় সব ব্যবস্থা গ্রহণ করা হবে। এ বিষয়ে মন্ত্রণালয় থেকে একটি নির্দেশনা জারি করা হয়েছে। বিশেষজ্ঞরা মনে করছেন, দ্রুত সিদ্ধান্ত না নিলে সংকট আরও গভীর হতে পারে। সরকারের পক্ষ থেকে জানানো হয়েছে, পরিস্থিতি নিয়ন্ত্রণে রাখতে বিভিন্ন পদক্ষেপ নেওয়া হচ্ছে। সংশ্লিষ্ট কর্মকর্তারা বলেন, আগামী দিনগুলোতে এই কার্যক্রম আরও জোরদার করা হবে এবং জনগণের ভোগান্তি কমাতে প্রয়োজনীয় সব ব্যবস্থা গ্রহণ করা হবে। এ বিষয়ে মন্ত্রণালয় থেকে একটি নির্দেশনা জারি করা হয়েছে। বিশেষজ্ঞরা মনে করছেন, দ্রুত সিদ্ধান্ত না নিলে সংকট আরও গভীর হতে পারে। সরকারের পক্ষ থেকে জানানো হয়েছে, পরিস্থিতি নিয়ন্ত্রণে রাখতে বিভিন্ন পদক্ষেপ নেওয়া হচ্ছে। সংশ্লিষ্ট কর্মকর্তারা বলেন, আগামী দিনগুলোতে এই কার্যক্রম আরও জোরদার করা হবে এবং জনগণের ভোগান্তি কমাতে প্রয়োজনীয় সব ব্যবস্থা গ্রহণ করা হবে। এ বিষয়ে মন্ত্রণালয় থেকে একটি নির্দেশনা জারি করা হয়েছে। বিশেষজ্ঞরা মনে করছেন, দ্রুত সিদ্ধান্ত না নিলে সংকট আরও গভীর হতে পারে। সরকারের পক্ষ থেকে জানানো হয়েছে, পরিস্থিতি নিয়ন্ত্রণে রাখতে বিভিন্ন পদক্ষেপ নেওয়া হচ্ছে। সংশ্লিষ্ট কর্মকর্তারা বলেন, আগামী দিনগুলোতে এই কার্যক্রম আরও জোরদার করা হবে এবং জনগণের ভোগান্তি কমাতে প্রয়োজনীয় সব ব্যবস্থা গ্রহণ করা হবে। এ বিষয়ে মন্ত্রণালয় থেকে একটি নির্দেশনা জারি করা হয়েছে। বিশেষজ্ঞরা মনে করছেন, দ্রুত সিদ্ধান্ত না নিলে সংকট আরও গভীর হতে পারে। সরকারের পক্ষ থেকে জানানো হয়েছে, পরিস্থিতি নিয়ন্ত্রণে রাখতে বিভিন্ন পদক্ষেপ নেওয়া হচ্ছে। সংশ্লিষ্ট কর্মকর্তারা বলেন, আগামী দিনগুলোতে এই কার্যক্রম আরও জোরদার করা হবে এবং জনগণের ভোগান্তি কমাতে প্রয়োজনীয় সব ব্যবস্থা গ্রহণ করা হবে। এ বিষয়ে মন্ত্রণালয় থেকে একটি নির্দেশনা জারি করা হয়েছে। বিশেষজ্ঞরা মনে করছেন, দ্রুত সিদ্ধান্ত না নিলে সংকট আরও গভীর হতে পারে। সরকারের পক্ষ থেকে জানানো হয়েছে, পরিস্থিতি নিয়ন্ত্রণে রাখতে বিভিন্ন পদক্ষেপ নেওয়া হচ্ছে। সংশ্লিষ্ট কর্মকর্তারা বলেন, আগামী দিনগুলোতে এই কার্যক্রম আরও জোরদার করা হবে এবং জনগণের ভোগান্তি কমাতে প্রয়োজনীয় সব ব্যবস্থা গ্রহণ করা হবে। এ বিষয়ে মন্ত্রণালয় থেকে একটি নির্দেশনা জারি করা হয়েছে। বিশেষজ্ঞরা মনে করছেন, দ্রুত সিদ্ধান্ত না নিলে সংকট আরও গভীর হতে পারে। সরকারের পক্ষ থেকে জানানো হয়েছে, পরিস্থিতি নিয়ন্ত্রণে রাখতে বিভিন্ন পদক্ষেপ নেওয়া হচ্ছে। সংশ্লিষ্ট কর্মকর্তারা বলেন, আগামী দিনগুলোতে এই কার্যক্রম আরও জোরদার করা হবে এবং জনগণের ভোগান্তি কমাতে প্রয়োজনীয় সব ব্যবস্থা গ্রহণ করা হবে। এ বিষয়ে মন্ত্রণালয় থেকে একটি নির্দেশনা জারি করা হয়েছে। বিশেষজ্ঞরা মনে করছেন, দ্রুত সিদ্ধান্ত না নিলে সংকট আরও গভীর হতে পারে। সরকারের পক্ষ থেকে জানানো হয়েছে, পরিস্থিতি নিয়ন্ত্রণে রাখতে বিভিন্ন পদক্ষেপ নেওয়া হচ্ছে। সংশ্লিষ্ট কর্মকর্তারা বলেন, আগামী দিনগুলোতে এই কার্যক্রম আরও জোরদার করা হবে এবং জনগণের ভোগান্তি কমাতে প্রয়োজনীয় সব ব্যবস্থা গ্রহণ করা হবে। এ বিষয়ে মন্ত্রণালয় থেকে একটি নির্দেশনা জারি করা হয়েছে। বিশেষজ্ঞরা মনে করছেন, দ্রুত সিদ্ধান্ত না নিলে সংকট আরও গভীর হতে পারে। সরকারের পক্ষ থেকে জানানো হয়েছে, পরিস্থিতি নিয়ন্ত্রণে রাখতে বিভিন্ন পদক্ষেপ নেওয়া হচ্ছে। সংশ্লিষ্ট কর্মকর্তারা বলেন, আগামী দিনগুলোতে এই কার্যক্রম আরও জোরদার করা হবে এবং জনগণের ভোগান্তি কমাতে প্রয়োজনীয় সব ব্যবস্থা গ্রহণ করা হবে। এ বিষয়ে মন্ত্রণালয় থেকে একটি নির্দেশনা জারি করা হয়েছে। বিশেষজ্ঞরা মনে করছেন, দ্রুত সিদ্ধান্ত না নিলে সংকট আরও গভীর হতে পারে। সরকারের পক্ষ থেকে জানানো হয়েছে, পরিস্থিতি নিয়ন্ত্রণে রাখতে বিভিন্ন পদক্ষেপ নেওয়া হচ্ছে। সংশ্লিষ্ট কর্মকর্তারা বলেন, আগামী দিনগুলোতে এই কার্যক্রম আরও জোরদার করা হবে এবং জনগণের ভোগান্তি কমাতে প্রয়োজনীয় সব ব্যবস্থা গ্রহণ করা হবে। এ বিষয়ে মন্ত্রণালয় থেকে একটি নির্দেশনা জারি করা হয়েছে। বিশেষজ্ঞরা মনে করছেন, দ্রুত সিদ্ধান্ত না নিলে সংকট আরও গভীর হতে পারে।
জনসংখ্যার ৫২ শতাংশ
(প্রথম পাতার পর)
সরকারের পক্ষ থেকে জানানো হয়েছে, পরিস্থিতি নিয়ন্ত্রণে রাখতে বিভিন্ন পদক্ষেপ নেওয়া হচ্ছে। সংশ্লিষ্ট কর্মকর্তারা বলেন, আগামী দিনগুলোতে এই কার্যক্রম আরও জোরদার করা হবে এবং জনগণের ভোগান্তি কমাতে প্রয়োজনীয় সব ব্যবস্থা গ্রহণ করা হবে। এ বিষয়ে মন্ত্রণালয় থেকে একটি নির্দেশনা জারি করা হয়েছে। বিশেষজ্ঞরা মনে করছেন, দ্রুত সিদ্ধান্ত না নিলে সংকট আরও গভীর হতে পারে। সরকারের পক্ষ থেকে জানানো হয়েছে, পরিস্থিতি নিয়ন্ত্রণে রাখতে বিভিন্ন পদক্ষেপ নেওয়া হচ্ছে। সংশ্লিষ্ট কর্মকর্তারা বলেন, আগামী দিনগুলোতে এই কার্যক্রম আরও জোরদার করা হবে এবং জনগণের ভোগান্তি কমাতে প্রয়োজনীয় সব ব্যবস্থা গ্রহণ করা হবে। এ বিষয়ে মন্ত্রণালয় থেকে একটি নির্দেশনা জারি করা হয়েছে। বিশেষজ্ঞরা মনে করছেন, দ্রুত সিদ্ধান্ত না নিলে সংকট আরও গভীর হতে পারে। সরকারের পক্ষ থেকে জানানো হয়েছে, পরিস্থিতি নিয়ন্ত্রণে রাখতে বিভিন্ন পদক্ষেপ নেওয়া হচ্ছে। সংশ্লিষ্ট কর্মকর্তারা বলেন, আগামী দিনগুলোতে এই কার্যক্রম আরও জোরদার করা হবে এবং জনগণের ভোগান্তি কমাতে প্রয়োজনীয় সব ব্যবস্থা গ্রহণ করা হবে। এ বিষয়ে মন্ত্রণালয় থেকে একটি নির্দেশনা জারি করা হয়েছে। বিশেষজ্ঞরা মনে করছেন, দ্রুত সিদ্ধান্ত না নিলে সংকট আরও গভীর হতে পারে। সরকারের পক্ষ থেকে জানানো হয়েছে, পরিস্থিতি নিয়ন্ত্রণে রাখতে বিভিন্ন পদক্ষেপ নেওয়া হচ্ছে। সংশ্লিষ্ট কর্মকর্তারা বলেন, আগামী দিনগুলোতে এই কার্যক্রম আরও জোরদার করা হবে এবং জনগণের ভোগান্তি কমাতে প্রয়োজনীয় সব ব্যবস্থা গ্রহণ করা হবে। এ বিষয়ে মন্ত্রণালয় থেকে একটি নির্দেশনা জারি করা হয়েছে। বিশেষজ্ঞরা মনে করছেন, দ্রুত সিদ্ধান্ত না নিলে সংকট আরও গভীর হতে পারে। সরকারের পক্ষ থেকে জানানো হয়েছে, পরিস্থিতি নিয়ন্ত্রণে রাখতে বিভিন্ন পদক্ষেপ নেওয়া হচ্ছে। সংশ্লিষ্ট কর্মকর্তারা বলেন, আগামী দিনগুলোতে এই কার্যক্রম আরও জোরদার করা হবে এবং জনগণের ভোগান্তি কমাতে প্রয়োজনীয় সব ব্যবস্থা গ্রহণ করা হবে। এ বিষয়ে মন্ত্রণালয় থেকে একটি নির্দেশনা জারি করা হয়েছে। বিশেষজ্ঞরা মনে করছেন, দ্রুত সিদ্ধান্ত না নিলে সংকট আরও গভীর হতে পারে। সরকারের পক্ষ থেকে জানানো হয়েছে, পরিস্থিতি নিয়ন্ত্রণে রাখতে বিভিন্ন পদক্ষেপ নেওয়া হচ্ছে। সংশ্লিষ্ট কর্মকর্তারা বলেন, আগামী দিনগুলোতে এই কার্যক্রম আরও জোরদার করা হবে এবং জনগণের ভোগান্তি কমাতে প্রয়োজনীয় সব ব্যবস্থা গ্রহণ করা হবে। এ বিষয়ে মন্ত্রণালয় থেকে একটি নির্দেশনা জারি করা হয়েছে। বিশেষজ্ঞরা মনে করছেন, দ্রুত সিদ্ধান্ত না নিলে সংকট আরও গভীর হতে পারে। সরকারের পক্ষ থেকে জানানো হয়েছে, পরিস্থিতি নিয়ন্ত্রণে রাখতে বিভিন্ন পদক্ষেপ নেওয়া হচ্ছে। সংশ্লিষ্ট কর্মকর্তারা বলেন, আগামী দিনগুলোতে এই কার্যক্রম আরও জোরদার করা হবে এবং জনগণের ভোগান্তি কমাতে প্রয়োজনীয় সব
জ্বালানি তেলের সঙ্কটের প্রভাব মোংলা বন্দরেরপণ্য খালাসে
নিজস্ব প্রতিবেদক । সরকারের পক্ষ থেকে জানানো হয়েছে, পরিস্থিতি নিয়ন্ত্রণে রাখতে বিভিন্ন পদক্ষেপ নেওয়া হচ্ছে। সংশ্লিষ্ট কর্মকর্তারা বলেন, আগামী দিনগুলোতে এই কার্যক্রম আরও জোরদার করা হবে এবং জনগণের ভোগান্তি কমাতে প্রয়োজনীয় সব ব্যবস্থা গ্রহণ করা হবে। এ বিষয়ে মন্ত্রণালয় থেকে একটি নির্দেশনা জারি করা হয়েছে। বিশেষজ্ঞরা মনে করছেন, দ্রুত সিদ্ধান্ত না নিলে সংকট আরও গভীর হতে পারে। সরকারের পক্ষ থেকে জানানো হয়েছে, পরিস্থিতি নিয়ন্ত্রণে রাখতে বিভিন্ন পদক্ষেপ নেওয়া হচ্ছে। সংশ্লিষ্ট কর্মকর্তারা বলেন, আগামী দিনগুলোতে এই কার্যক্রম আরও জোরদার করা হবে এবং জনগণের ভোগান্তি কমাতে প্রয়োজনীয় সব ব্যবস্থা গ্রহণ করা হবে। এ বিষয়ে মন্ত্রণালয় থেকে একটি নির্দেশনা জারি করা হয়েছে। বিশেষজ্ঞরা মনে করছেন, দ্রুত সিদ্ধান্ত না নিলে সংকট আরও গভীর হতে পারে। সরকারের পক্ষ থেকে জানানো হয়েছে, পরিস্থিতি নিয়ন্ত্রণে রাখতে বিভিন্ন পদক্ষেপ নেওয়া হচ্ছে। সংশ্লিষ্ট কর্মকর্তারা বলেন, আগামী দিনগুলোতে এই কার্যক্রম আরও জোরদার করা হবে এবং জনগণের ভোগান্তি কমাতে প্রয়োজনীয় সব ব্যবস্থা গ্রহণ করা হবে। এ বিষয়ে মন্ত্রণালয় থেকে একটি নির্দেশনা জারি করা হয়েছে। বিশেষজ্ঞরা মনে করছেন, দ্রুত সিদ্ধান্ত না নিলে সংকট আরও গভীর হতে পারে। সরকারের পক্ষ থেকে জানানো হয়েছে, পরিস্থিতি নিয়ন্ত্রণে রাখতে বিভিন্ন পদক্ষেপ নেওয়া হচ্ছে। সংশ্লিষ্ট কর্মকর্তারা বলেন, আগামী দিনগুলোতে এই কার্যক্রম আরও জোরদার করা হবে এবং জনগণের ভোগান্তি কমাতে প্রয়োজনীয় সব ব্যবস্থা গ্রহণ করা হবে। এ বিষয়ে মন্ত্রণালয় থেকে একটি নির্দেশনা জারি করা হয়েছে। বিশেষজ্ঞরা মনে করছেন, দ্রুত সিদ্ধান্ত না নিলে সংকট আরও গভীর হতে পারে। সরকারের পক্ষ থেকে জানানো হয়েছে, পরিস্থিতি নিয়ন্ত্রণে রাখতে বিভিন্ন পদক্ষেপ নেওয়া হচ্ছে। সংশ্লিষ্ট কর্মকর্তারা বলেন, আগামী দিনগুলোতে এই কার্যক্রম আরও জোরদার করা হবে এবং জনগণের ভোগান্তি কমাতে প্রয়োজনীয় সব ব্যবস্থা গ্রহণ করা হবে। এ বিষয়ে মন্ত্রণালয় থেকে একটি নির্দেশনা জারি করা হয়েছে। বিশেষজ্ঞরা মনে করছেন, দ্রুত সিদ্ধান্ত না নিলে সংকট আরও গভীর হতে পারে। সরকারের পক্ষ থেকে জানানো হয়েছে, পরিস্থিতি নিয়ন্ত্রণে রাখতে বিভিন্ন পদক্ষেপ নেওয়া হচ্ছে। সংশ্লিষ্ট কর্মকর্তারা বলেন, আগামী দিনগুলোতে এই কার্যক্রম আরও জোরদার করা হবে এবং জনগণের ভোগান্তি কমাতে প্রয়োজনীয় সব ব্যবস্থা গ্রহণ করা হবে। এ বিষয়ে মন্ত্রণালয় থেকে একটি নির্দেশনা জারি করা হয়েছে। বিশেষজ্ঞরা মনে করছেন, দ্রুত সিদ্ধান্ত না নিলে সংকট আরও গভীর হতে পারে। সরকারের পক্ষ থেকে জানানো হয়েছে, পরিস্থিতি নিয়ন্ত্রণে রাখতে বিভিন্ন পদক্ষেপ নেওয়া হচ্ছে। সংশ্লিষ্ট কর্মকর্তারা বলেন, আগামী দিনগুলোতে এই কার্যক্রম আরও জোরদার করা হবে এবং জনগণের ভোগান্তি কমাতে প্রয়োজনীয় সব ব্যবস্থা গ্রহণ করা হবে। এ বিষয়ে মন্ত্রণালয় থেকে একটি নির্দেশনা জারি করা হয়েছে। বিশেষজ্ঞরা মনে
সরকারের পক্ষ থেকে জানানো হয়েছে, পরিস্থিতি নিয়ন্ত্রণে রাখতে বিভিন্ন পদক্ষেপ নেওয়া হচ্ছে। সংশ্লিষ্ট কর্মকর্তারা বলেন, আগামী দিনগুলোতে এই কার্যক্রম আরও জোরদার করা হবে এবং জনগণের ভোগান্তি কমাতে প্রয়োজনীয় সব ব্যবস্থা গ্রহণ করা হবে। এ বিষয়ে মন্ত্রণালয় থেকে একটি নির্দেশনা জারি করা হয়েছে। বিশেষজ্ঞরা মনে করছেন, দ্রুত সিদ্ধান্ত না নিলে সংকট আরও গভীর হতে পারে। সরকারের পক্ষ থেকে জানানো হয়েছে, পরিস্থিতি নিয়ন্ত্রণে রাখতে বিভিন্ন পদক্ষেপ নেওয়া হচ্ছে। সংশ্লিষ্ট কর্মকর্তারা বলেন, আগামী দিনগুলোতে এই কার্যক্রম আরও জোরদার করা হবে এবং জনগণের ভোগান্তি কমাতে প্রয়োজনীয় সব ব্যবস্থা গ্রহণ করা হবে। এ বিষয়ে মন্ত্রণালয় থেকে একটি নির্দেশনা জারি করা হয়েছে। বিশেষজ্ঞরা মনে করছেন, দ্রুত সিদ্ধান্ত না নিলে সংকট আরও গভীর হতে পারে। সরকারের পক্ষ থেকে জানানো হয়েছে, পরিস্থিতি নিয়ন্ত্রণে রাখতে বিভিন্ন পদক্ষেপ নেওয়া হচ্ছে। সংশ্লিষ্ট কর্মকর্তারা বলেন, আগামী দিনগুলোতে এই কার্যক্রম আরও জোরদার করা হবে এবং জনগণের ভোগান্তি কমাতে প্রয়োজনীয় সব ব্যবস্থা গ্রহণ করা হবে। এ বিষয়ে মন্ত্রণালয় থেকে একটি নির্দেশনা জারি করা হয়েছে। বিশেষজ্ঞরা মনে করছেন, দ্রুত সিদ্ধান্ত না নিলে সংকট আরও গভীর হতে পারে। সরকারের পক্ষ থেকে জানানো হয়েছে, পরিস্থিতি নিয়ন্ত্রণে রাখতে বিভিন্ন পদক্ষেপ নেওয়া হচ্ছে। সংশ্লিষ্ট কর্মকর্তারা বলেন, আগামী দিনগুলোতে এই কার্যক্রম আরও জোরদার করা হবে এবং জনগণের ভোগান্তি কমাতে প্রয়োজনীয় সব ব্যবস্থা গ্রহণ করা হবে। এ বিষয়ে মন্ত্রণালয় থেকে একটি নির্দেশনা জারি করা হয়েছে। বিশেষজ্ঞরা মনে করছেন, দ্রুত সিদ্ধান্ত না নিলে সংকট আরও গভীর হতে পারে। সরকারের পক্ষ থেকে জানানো হয়েছে, পরিস্থিতি নিয়ন্ত্রণে রাখতে বিভিন্ন পদক্ষেপ নেওয়া হচ্ছে। সংশ্লিষ্ট কর্মকর্তারা বলেন, আগামী দিনগুলোতে এই কার্যক্রম আরও জোরদার করা হবে এবং জনগণের ভোগান্তি কমাতে প্রয়োজনীয় সব ব্যবস্থা গ্রহণ করা হবে। এ বিষয়ে মন্ত্রণালয় থেকে একটি নির্দেশনা জারি করা হয়েছে। বিশেষজ্ঞরা মনে করছেন, দ্রুত সিদ্ধান্ত না নিলে সংকট আরও গভীর হতে পারে। সরকারের পক্ষ থেকে জানানো হয়েছে, পরিস্থিতি নিয়ন্ত্রণে রাখতে বিভিন্ন পদক্ষেপ নেওয়া হচ্ছে। সংশ্লিষ্ট কর্মকর্তারা বলেন, আগামী দিনগুলোতে এই কার্যক্রম আরও জোরদার করা হবে এবং জনগণের ভোগান্তি কমাতে প্রয়োজনীয় সব ব্যবস্থা গ্রহণ করা হবে। এ বিষয়ে মন্ত্রণালয় থেকে একটি নির্দেশনা জারি করা হয়েছে। বিশেষজ্ঞরা মনে করছেন, দ্রুত সিদ্ধান্ত না নিলে সংকট আরও গভীর হতে পারে। সরকারের পক্ষ থেকে জানানো হয়েছে, পরিস্থিতি নিয়ন্ত্রণে রাখতে বিভিন্ন পদক্ষেপ নেওয়া হচ্ছে। সংশ্লিষ্ট কর্মকর্তারা বলেন, আগামী দিনগুলোতে এই কার্যক্রম আরও জোরদার করা হবে এবং জনগণের ভোগান্তি কমাতে প্রয়োজনীয় সব ব্যবস্থা গ্রহণ করা হবে। এ বিষয়ে মন্ত্রণালয় থেকে একটি নির্দেশনা জারি করা হয়েছে। বিশেষজ্ঞরা মনে করছেন, দ্রুত সিদ্ধান্ত না নিলে সংকট আরও গভীর হতে পারে। সরকারের পক্ষ থেকে জানানো হয়েছে, পরিস্থিতি নিয়ন্ত্রণে রাখতে বিভিন্ন পদক্ষেপ নেওয়া হচ্ছে। সংশ্লিষ্ট কর্মকর্তারা বলেন, আগামী দিনগুলোতে এই কার্যক্রম আরও জোরদার করা হবে এবং জনগণের ভোগান্তি কমাতে প্রয়োজনীয় সব ব্যবস্থা গ্রহণ করা হবে। এ বিষয়ে মন্ত্রণালয় থেকে একটি নির্দেশনা জারি করা হয়েছে। বিশেষজ্ঞরা মনে করছেন, দ্রুত সিদ্ধান্ত না নিলে সংকট আরও গভীর হতে পারে।
সাবেক প্রধান বিচারপতি খায়রুল হকের জামিন স্থগিত আবেদনের শুনানি রোববার
নিজস্ব প্রতিবেদক । সরকারের পক্ষ থেকে জানানো হয়েছে, পরিস্থিতি নিয়ন্ত্রণে রাখতে বিভিন্ন পদক্ষেপ নেওয়া হচ্ছে। সংশ্লিষ্ট কর্মকর্তারা বলেন, আগামী দিনগুলোতে এই কার্যক্রম আরও জোরদার করা হবে এবং জনগণের ভোগান্তি কমাতে প্রয়োজনীয় সব ব্যবস্থা গ্রহণ করা হবে। এ বিষয়ে মন্ত্রণালয় থেকে একটি নির্দেশনা জারি করা হয়েছে। বিশেষজ্ঞরা মনে করছেন, দ্রুত সিদ্ধান্ত না নিলে সংকট আরও গভীর হতে পারে। সরকারের পক্ষ থেকে জানানো হয়েছে, পরিস্থিতি নিয়ন্ত্রণে রাখতে বিভিন্ন পদক্ষেপ নেওয়া হচ্ছে। সংশ্লিষ্ট কর্মকর্তারা বলেন, আগামী দিনগুলোতে এই কার্যক্রম আরও জোরদার করা হবে এবং জনগণের ভোগান্তি কমাতে প্রয়োজনীয় সব ব্যবস্থা গ্রহণ করা হবে। এ বিষয়ে মন্ত্রণালয় থেকে একটি নির্দেশনা জারি করা হয়েছে। বিশেষজ্ঞরা মনে করছেন, দ্রুত সিদ্ধান্ত না নিলে সংকট আরও গভীর হতে পারে। সরকারের পক্ষ থেকে জানানো হয়েছে, পরিস্থিতি নিয়ন্ত্রণে রাখতে বিভিন্ন পদক্ষেপ নেওয়া হচ্ছে। সংশ্লিষ্ট কর্মকর্তারা বলেন, আগামী দিনগুলোতে এই কার্যক্রম আরও জোরদার করা হবে এবং জনগণের ভোগান্তি কমাতে প্রয়োজনীয় সব ব্যবস্থা গ্রহণ করা হবে। এ বিষয়ে মন্ত্রণালয় থেকে একটি নির্দেশনা জারি করা হয়েছে। বিশেষজ্ঞরা মনে করছেন, দ্রুত সিদ্ধান্ত না নিলে সংকট আরও গভীর হতে পারে। সরকারের পক্ষ থেকে জানানো হয়েছে, পরিস্থিতি নিয়ন্ত্রণে রাখতে বিভিন্ন পদক্ষেপ নেওয়া হচ্ছে। সংশ্লিষ্ট কর্মকর্তারা বলেন, আগামী দিনগুলোতে এই কার্যক্রম আরও জোরদার করা হবে এবং জনগণের ভোগান্তি কমাতে প্রয়োজনীয় সব ব্যবস্থা গ্রহণ করা হবে। এ বিষয়ে মন্ত্রণালয় থেকে একটি নির্দেশনা জারি করা হয়েছে। বিশেষজ্ঞরা মনে করছেন, দ্রুত সিদ্ধান্ত না নিলে সংকট আরও গভীর হতে পারে। সরকারের পক্ষ থেকে জানানো হয়েছে, পরিস্থিতি নিয়ন্ত্রণে রাখতে বিভিন্ন পদক্ষেপ নেওয়া হচ্ছে। সংশ্লিষ্ট কর্মকর্তারা বলেন, আগামী দিনগুলোতে এই কার্যক্রম আরও জোরদার করা হবে এবং জনগণের ভোগান্তি কমাতে প্রয়োজনীয় সব ব্যবস্থা গ্রহণ করা হবে। এ বিষয়ে মন্ত্রণালয় থেকে একটি নির্দেশনা জারি করা হয়েছে। বিশেষজ্ঞরা মনে করছেন, দ্রুত সিদ্ধান্ত না নিলে সংকট আরও গভীর হতে পারে। সরকারের পক্ষ থেকে জানানো হয়েছে, পরিস্থিতি নিয়ন্ত্রণে রাখতে বিভিন্ন পদক্ষেপ নেওয়া হচ্ছে। সংশ্লিষ্ট কর্মকর্তারা বলেন, আগামী দিনগুলোতে এই কার্যক্রম আরও জোরদার করা হবে এবং জনগণের ভোগান্তি কমাতে প্রয়োজনীয় সব ব্যবস্থা গ্রহণ করা হবে। এ বিষয়ে মন্ত্রণালয় থেকে একটি নির্দেশনা জারি করা
বাসসের নতুন এমডি ও প্রধান সম্পাদক কামাল উদ্দিন সবুজ
নিজস্ব প্রতিবেদক । সরকারের পক্ষ থেকে জানানো হয়েছে, পরিস্থিতি নিয়ন্ত্রণে রাখতে বিভিন্ন পদক্ষেপ নেওয়া হচ্ছে। সংশ্লিষ্ট কর্মকর্তারা বলেন, আগামী দিনগুলোতে এই কার্যক্রম আরও জোরদার করা হবে এবং জনগণের ভোগান্তি কমাতে প্রয়োজনীয় সব ব্যবস্থা গ্রহণ করা হবে। এ বিষয়ে মন্ত্রণালয় থেকে একটি নির্দেশনা জারি করা হয়েছে। বিশেষজ্ঞরা মনে করছেন, দ্রুত সিদ্ধান্ত না নিলে সংকট আরও গভীর হতে পারে। সরকারের পক্ষ থেকে জানানো হয়েছে, পরিস্থিতি নিয়ন্ত্রণে রাখতে বিভিন্ন পদক্ষেপ নেওয়া হচ্ছে। সংশ্লিষ্ট কর্মকর্তারা বলেন, আগামী দিনগুলোতে এই কার্যক্রম আরও জোরদার করা হবে এবং জনগণের ভোগান্তি কমাতে প্রয়োজনীয় সব ব্যবস্থা গ্রহণ করা হবে। এ বিষয়ে মন্ত্রণালয় থেকে একটি নির্দেশনা জারি করা হয়েছে। বিশেষজ্ঞরা মনে করছেন, দ্রুত সিদ্ধান্ত না নিলে সংকট আরও গভীর হতে পারে। সরকারের পক্ষ থেকে জানানো হয়েছে, পরিস্থিতি নিয়ন্ত্রণে রাখতে বিভিন্ন পদক্ষেপ নেওয়া হচ্ছে। সংশ্লিষ্ট কর্মকর্তারা বলেন, আগামী দিনগুলোতে এই কার্যক্রম আরও জোরদার করা হবে এবং জনগণের ভোগান্তি কমাতে প্রয়োজনীয় সব ব্যবস্থা গ্রহণ করা হবে। এ বিষয়ে মন্ত্রণালয় থেকে একটি নির্দেশনা জারি করা হয়েছে। বিশেষজ্ঞরা মনে করছেন, দ্রুত সিদ্ধান্ত না নিলে সংকট আরও গভীর হতে পারে। সরকারের পক্ষ থেকে জানানো হয়েছে, পরিস্থিতি নিয়ন্ত্রণে রাখতে বিভিন্ন পদক্ষেপ নেওয়া হচ্ছে। সংশ্লিষ্ট কর্মকর্তারা বলেন, আগামী দিনগুলোতে এই কার্যক্রম আরও জোরদার করা হবে এবং জনগণের ভোগান্তি কমাতে প্রয়োজনীয় সব
বিমানে নতুন এমডি ও ডিএমপি
নিজস্ব প্রতিবেদক । সরকারের পক্ষ থেকে জানানো হয়েছে, পরিস্থিতি নিয়ন্ত্রণে রাখতে বিভিন্ন পদক্ষেপ নেওয়া হচ্ছে। সংশ্লিষ্ট কর্মকর্তারা বলেন, আগামী দিনগুলোতে এই কার্যক্রম আরও জোরদার করা হবে এবং জনগণের ভোগান্তি কমাতে প্রয়োজনীয় সব ব্যবস্থা গ্রহণ করা হবে। এ বিষয়ে মন্ত্রণালয় থেকে একটি নির্দেশনা জারি করা হয়েছে। বিশেষজ্ঞরা মনে করছেন, দ্রুত সিদ্ধান্ত না নিলে সংকট আরও গভীর হতে পারে। সরকারের পক্ষ থেকে জানানো হয়েছে, পরিস্থিতি নিয়ন্ত্রণে রাখতে বিভিন্ন পদক্ষেপ নেওয়া হচ্ছে। সংশ্লিষ্ট কর্মকর্তারা বলেন, আগামী দিনগুলোতে এই কার্যক্রম আরও জোরদার করা হবে এবং জনগণের ভোগান্তি কমাতে প্রয়োজনীয় সব ব্যবস্থা গ্রহণ করা হবে। এ বিষয়ে মন্ত্রণালয় থেকে একটি নির্দেশনা জারি করা হয়েছে। বিশেষজ্ঞরা মনে করছেন, দ্রুত সিদ্ধান্ত না নিলে সংকট আরও গভীর হতে পারে। সরকারের পক্ষ থেকে জানানো হয়েছে, পরিস্থিতি নিয়ন্ত্রণে রাখতে বিভিন্ন পদক্ষেপ নেওয়া হচ্ছে। সংশ্লিষ্ট কর্মকর্তারা বলেন, আগামী দিনগুলোতে এই কার্যক্রম আরও জোরদার করা হবে এবং জনগণের ভোগান্তি কমাতে প্রয়োজনীয় সব ব্যবস্থা গ্রহণ করা হবে। এ বিষয়ে মন্ত্রণালয় থেকে একটি নির্দেশনা জারি করা হয়েছে। বিশেষজ্ঞরা মনে
